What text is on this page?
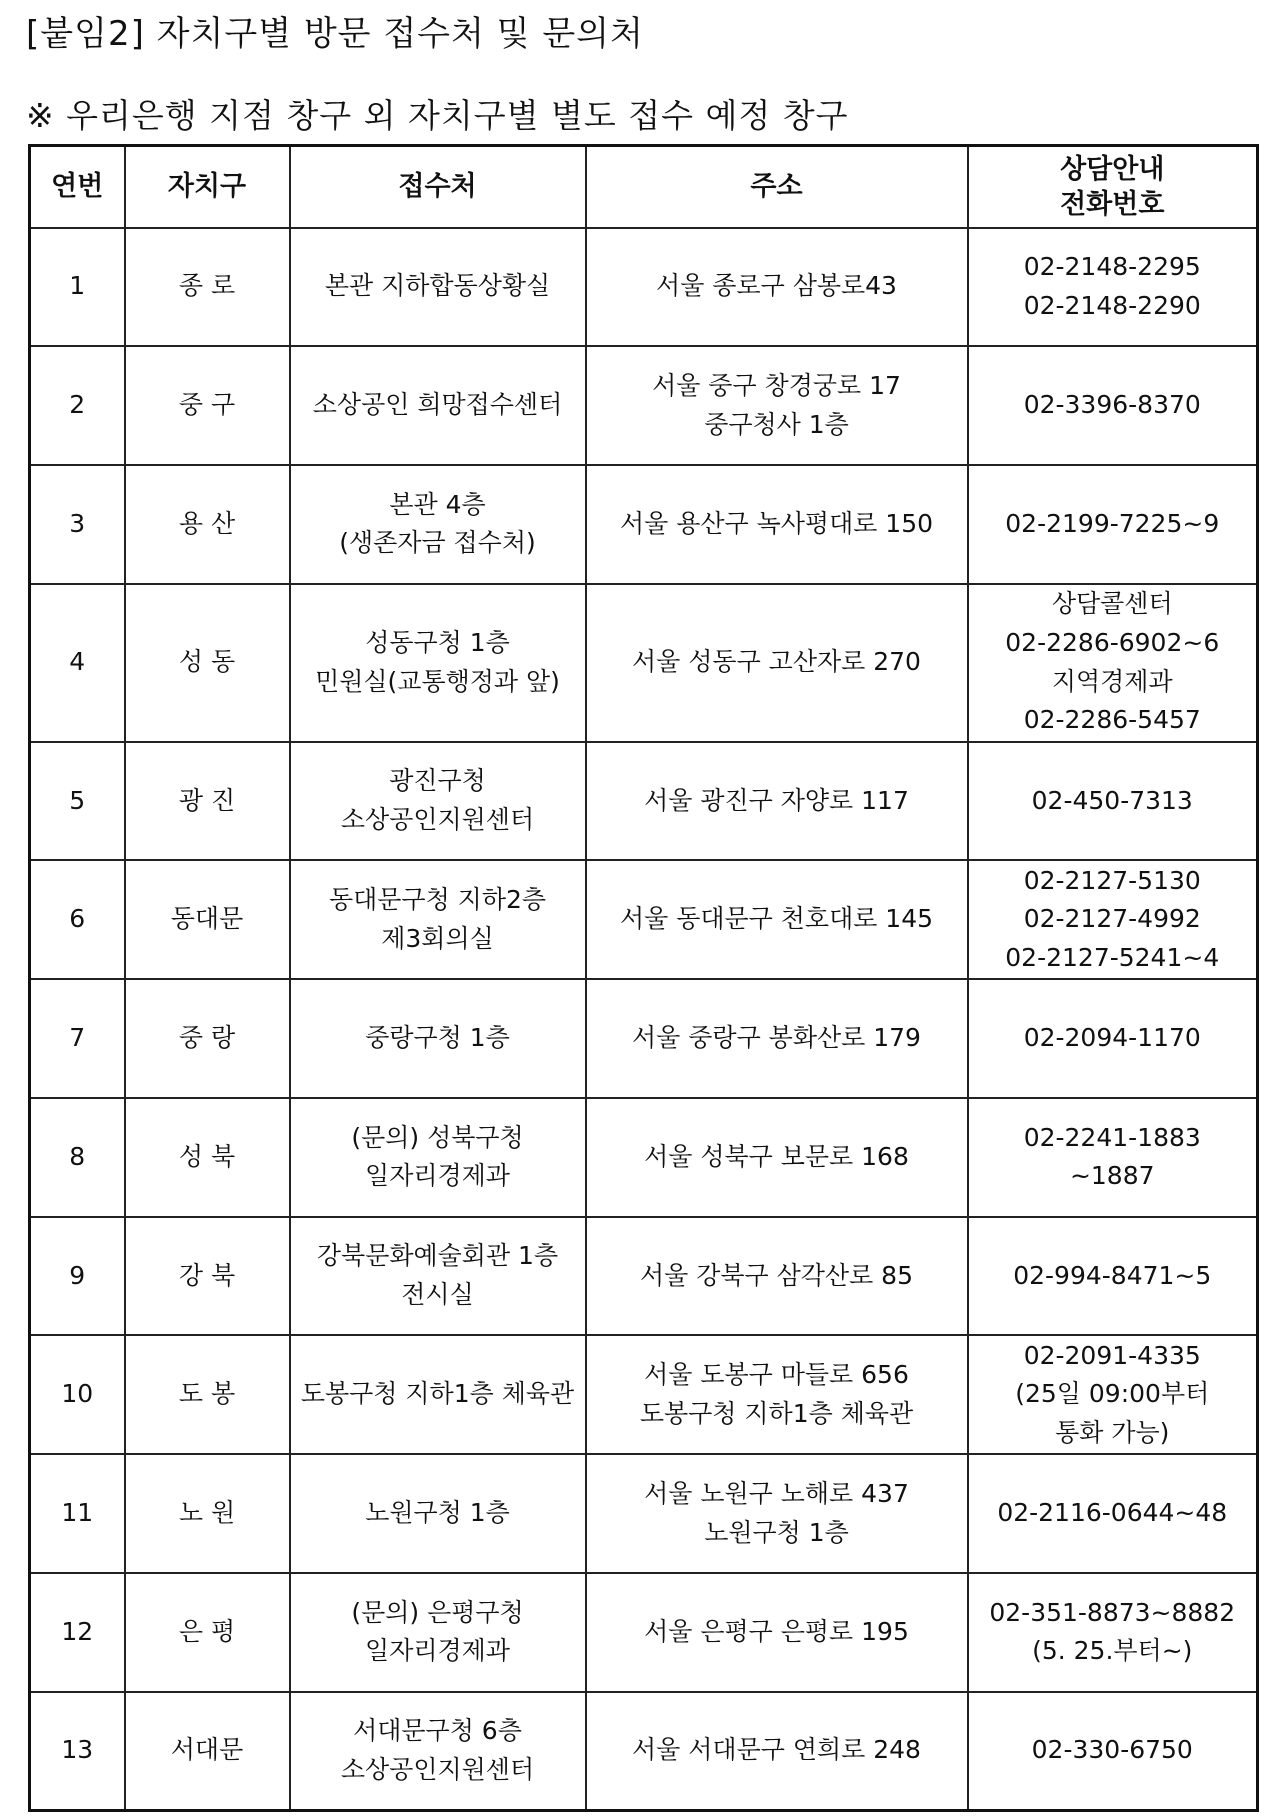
[붙임2] 자치구별 방문 접수처 및 문의처
※ 우리은행 지점 창구 외 자치구별 별도 접수 예정 창구
연번	자치구	접수처	주소	상담안내
전화번호

1	종 로	본관 지하합동상황실	서울 종로구 삼봉로43	02-2148-2295
02-2148-2290

2	중 구	소상공인 희망접수센터	서울 중구 창경궁로 17
중구청사 1층	02-3396-8370

3	용 산	본관 4층
(생존자금 접수처)	서울 용산구 녹사평대로 150	02-2199-7225~9

4	성 동	성동구청 1층
민원실(교통행정과 앞)	서울 성동구 고산자로 270	상담콜센터
02-2286-6902~6
지역경제과
02-2286-5457

5	광 진	광진구청
소상공인지원센터	서울 광진구 자양로 117	02-450-7313

6	동대문	동대문구청 지하2층
제3회의실	서울 동대문구 천호대로 145	02-2127-5130
02-2127-4992
02-2127-5241~4

7	중 랑	중랑구청 1층	서울 중랑구 봉화산로 179	02-2094-1170

8	성 북	(문의) 성북구청
일자리경제과	서울 성북구 보문로 168	02-2241-1883
~1887

9	강 북	강북문화예술회관 1층
전시실	서울 강북구 삼각산로 85	02-994-8471~5

10	도 봉	도봉구청 지하1층 체육관	서울 도봉구 마들로 656
도봉구청 지하1층 체육관	02-2091-4335
(25일 09:00부터
통화 가능)

11	노 원	노원구청 1층	서울 노원구 노해로 437
노원구청 1층	02-2116-0644~48

12	은 평	(문의) 은평구청
일자리경제과	서울 은평구 은평로 195	02-351-8873~8882
(5. 25.부터~)

13	서대문	서대문구청 6층
소상공인지원센터	서울 서대문구 연희로 248	02-330-6750
